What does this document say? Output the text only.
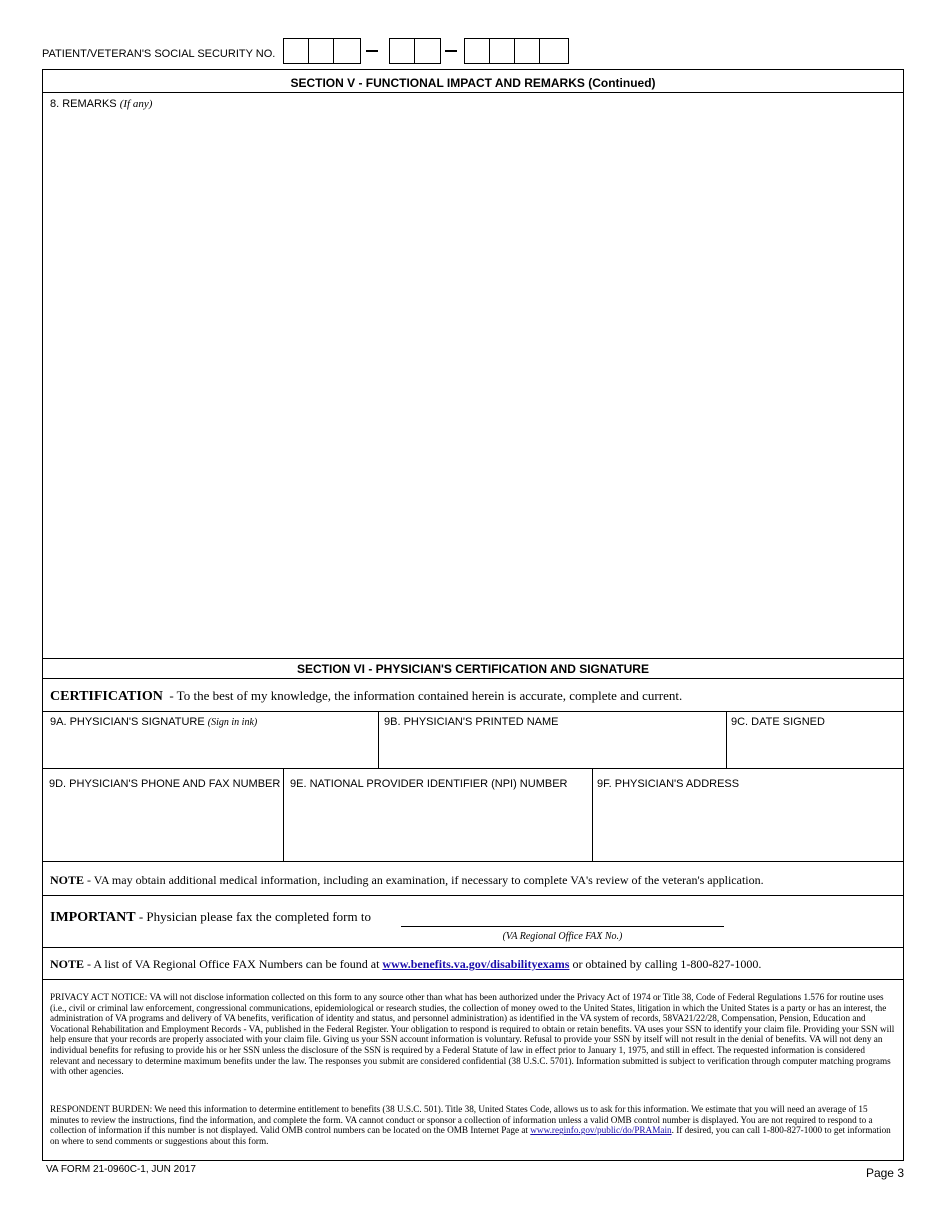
PATIENT/VETERAN'S SOCIAL SECURITY NO.
SECTION V - FUNCTIONAL IMPACT AND REMARKS (Continued)
8. REMARKS (If any)
SECTION VI - PHYSICIAN'S CERTIFICATION AND SIGNATURE
CERTIFICATION - To the best of my knowledge, the information contained herein is accurate, complete and current.
9A. PHYSICIAN'S SIGNATURE (Sign in ink)	9B. PHYSICIAN'S PRINTED NAME	9C. DATE SIGNED
9D. PHYSICIAN'S PHONE AND FAX NUMBER 9E. NATIONAL PROVIDER IDENTIFIER (NPI) NUMBER	9F. PHYSICIAN'S ADDRESS
NOTE - VA may obtain additional medical information, including an examination, if necessary to complete VA's review of the veteran's application.
IMPORTANT - Physician please fax the completed form to
(VA Regional Office FAX No.)
NOTE - A list of VA Regional Office FAX Numbers can be found at www.benefits.va.gov/disabilityexams or obtained by calling 1-800-827-1000.
PRIVACY ACT NOTICE: VA will not disclose information collected on this form to any source other than what has been authorized under the Privacy Act of 1974 or Title 38, Code of Federal Regulations 1.576 for routine uses (i.e., civil or criminal law enforcement, congressional communications, epidemiological or research studies, the collection of money owed to the United States, litigation in which the United States is a party or has an interest, the administration of VA programs and delivery of VA benefits, verification of identity and status, and personnel administration) as identified in the VA system of records, 58VA21/22/28, Compensation, Pension, Education and Vocational Rehabilitation and Employment Records - VA, published in the Federal Register. Your obligation to respond is required to obtain or retain benefits. VA uses your SSN to identify your claim file. Providing your SSN will help ensure that your records are properly associated with your claim file. Giving us your SSN account information is voluntary. Refusal to provide your SSN by itself will not result in the denial of benefits. VA will not deny an individual benefits for refusing to provide his or her SSN unless the disclosure of the SSN is required by a Federal Statute of law in effect prior to January 1, 1975, and still in effect. The requested information is considered relevant and necessary to determine maximum benefits under the law. The responses you submit are considered confidential (38 U.S.C. 5701). Information submitted is subject to verification through computer matching programs with other agencies.
RESPONDENT BURDEN: We need this information to determine entitlement to benefits (38 U.S.C. 501). Title 38, United States Code, allows us to ask for this information. We estimate that you will need an average of 15 minutes to review the instructions, find the information, and complete the form. VA cannot conduct or sponsor a collection of information unless a valid OMB control number is displayed. You are not required to respond to a collection of information if this number is not displayed. Valid OMB control numbers can be located on the OMB Internet Page at www.reginfo.gov/public/do/PRAMain. If desired, you can call 1-800-827-1000 to get information on where to send comments or suggestions about this form.
VA FORM 21-0960C-1, JUN 2017	Page 3
